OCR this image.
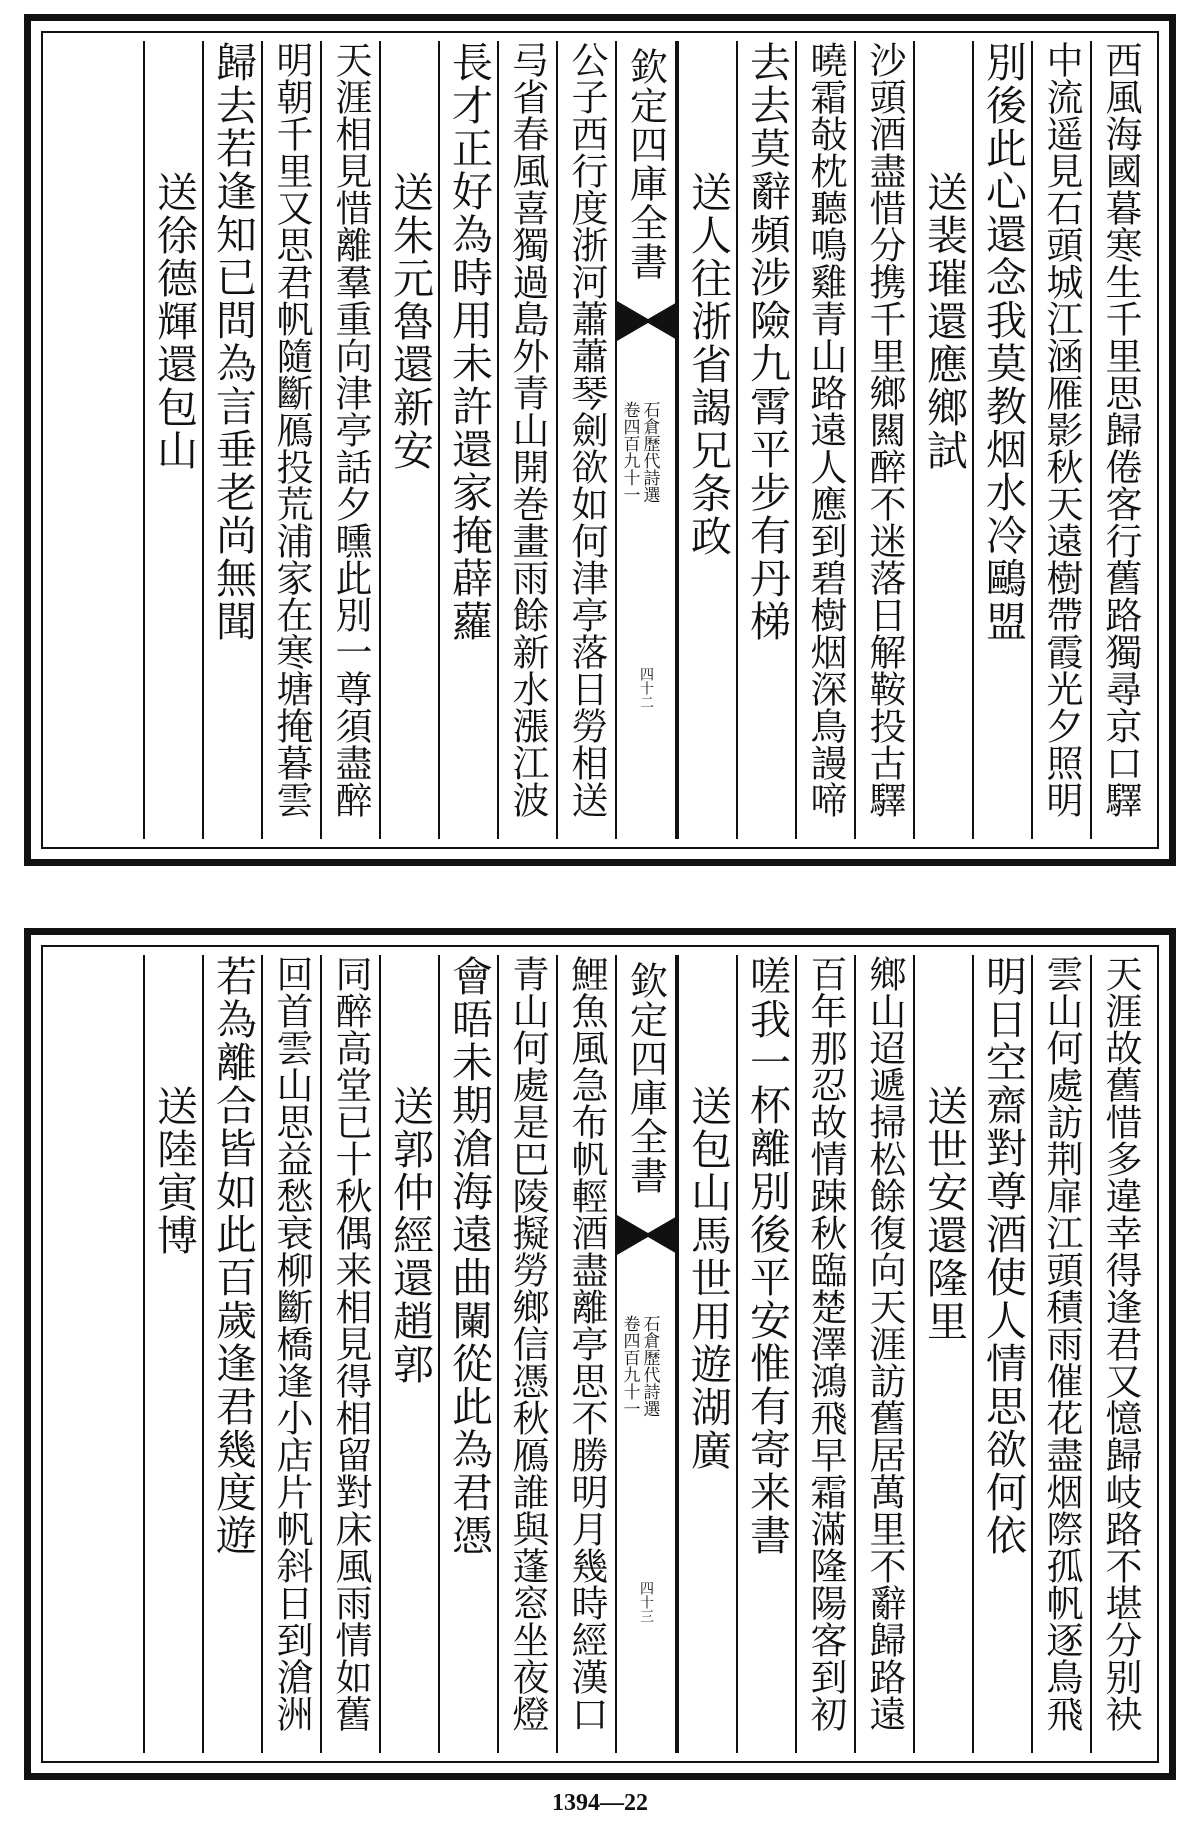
西風海國暮寒生千里思歸倦客行舊路獨尋京口驛
中流遥見石頭城江涵雁影秋天遠樹帶霞光夕照明
別後此心還念我莫教烟水冷鷗盟
送裴璀還應鄉試
沙頭酒盡惜分携千里鄉闗醉不迷落日解鞍投古驛
曉霜敧枕聽鳴雞青山路遠人應到碧樹烟深鳥謾啼
去去莫辭頻涉險九霄平步有丹梯
送人往浙省謁兄条政
公子西行度浙河蕭蕭琴劍欲如何津亭落日勞相送
㢧省春風喜獨過島外青山開巻畫雨餘新水漲江波
長才正好為時用未許還家掩薜蘿
送朱元魯還新安
天涯相見惜離羣重向津亭話夕曛此別一尊須盡醉
明朝千里又思君帆隨斷鴈投荒浦家在寒塘掩暮雲
歸去若逢知已問為言垂老尚無聞
送徐德輝還包山
欽定四庫全書
石倉歷代詩選
卷四百九十一
四十二
天涯故舊惜多違幸得逢君又憶歸岐路不堪分别袂
雲山何處訪荆扉江頭積雨催花盡烟際孤帆逐鳥飛
明日空齋對尊酒使人情思欲何依
送世安還隆里
鄉山迢遞掃松餘復向天涯訪舊居萬里不辭歸路遠
百年那忍故情踈秋臨楚澤鴻飛早霜滿隆陽客到初
嗟我一杯離別後平安惟有寄来書
送包山馬世用遊湖廣
鯉魚風急布帆輕酒盡離亭思不勝明月幾時經漢口
青山何處是巴陵擬勞鄉信憑秋鴈誰與蓬窓坐夜燈
會晤未期滄海遠曲闌從此為君憑
送郭仲經還趙郭
同醉高堂已十秋偶来相見得相留對床風雨情如舊
回首雲山思益愁衰柳斷橋逢小店片帆斜日到滄洲
若為離合皆如此百歲逢君幾度遊
送陸寅博	欽定四庫全書
石倉歷代詩選
卷四百九十一
四十三
1394—22
